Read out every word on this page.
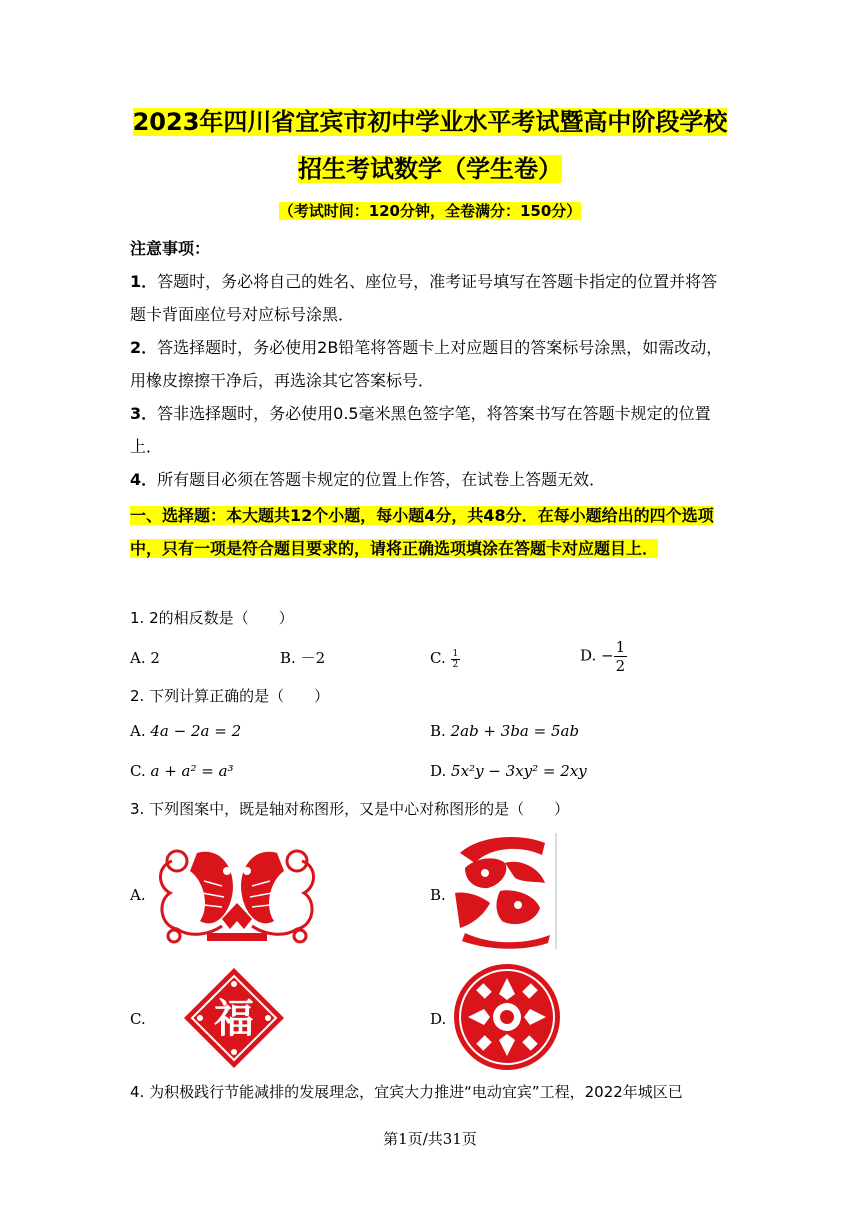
2023年四川省宜宾市初中学业水平考试暨高中阶段学校
招生考试数学（学生卷）
（考试时间：120分钟，全卷满分：150分）
注意事项：
1．答题时，务必将自己的姓名、座位号，准考证号填写在答题卡指定的位置并将答题卡背面座位号对应标号涂黑．
2．答选择题时，务必使用2B铅笔将答题卡上对应题目的答案标号涂黑，如需改动，用橡皮擦擦干净后，再选涂其它答案标号．
3．答非选择题时，务必使用0.5毫米黑色签字笔，将答案书写在答题卡规定的位置上．
4．所有题目必须在答题卡规定的位置上作答，在试卷上答题无效．
一、选择题：本大题共12个小题，每小题4分，共48分．在每小题给出的四个选项中，只有一项是符合题目要求的，请将正确选项填涂在答题卡对应题目上．
1. 2的相反数是（　　）
A. 2	B. －2	C. $\frac{1}{2}$	D. − $\frac{1}{2}$
2. 下列计算正确的是（　　）
A. 4a − 2a = 2	B. 2ab + 3ba = 5ab
C. a + a² = a³	D. 5x²y − 3xy² = 2xy
3. 下列图案中，既是轴对称图形，又是中心对称图形的是（　　）
A.	B.
C. 福	D.
4. 为积极践行节能减排的发展理念，宜宾大力推进“电动宜宾”工程，2022年城区已
第1页/共31页
